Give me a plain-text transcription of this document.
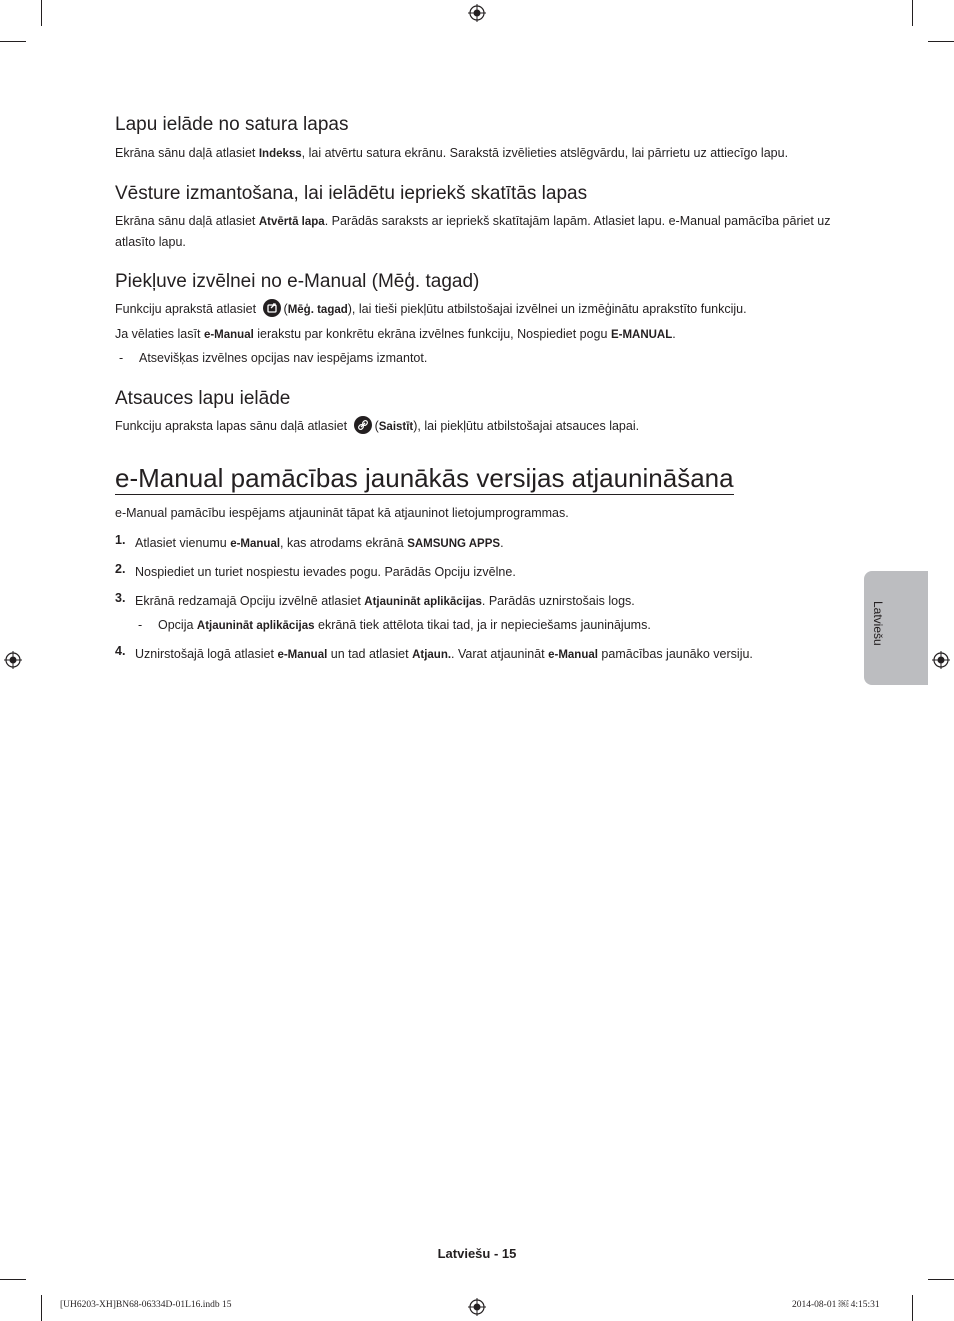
Lapu ielāde no satura lapas

Ekrāna sānu daļā atlasiet Indekss, lai atvērtu satura ekrānu. Sarakstā izvēlieties atslēgvārdu, lai pārrietu uz attiecīgo lapu.

Vēsture izmantošana, lai ielādētu iepriekš skatītās lapas

Ekrāna sānu daļā atlasiet Atvērtā lapa. Parādās saraksts ar iepriekš skatītajām lapām. Atlasiet lapu. e-Manual pamācība pāriet uz atlasīto lapu.

Piekļuve izvēlnei no e-Manual (Mēģ. tagad)

Funkciju aprakstā atlasiet (Mēģ. tagad), lai tieši piekļūtu atbilstošajai izvēlnei un izmēģinātu aprakstīto funkciju.

Ja vēlaties lasīt e-Manual ierakstu par konkrētu ekrāna izvēlnes funkciju, Nospiediet pogu E-MANUAL.

- Atsevišķas izvēlnes opcijas nav iespējams izmantot.

Atsauces lapu ielāde

Funkciju apraksta lapas sānu daļā atlasiet (Saistīt), lai piekļūtu atbilstošajai atsauces lapai.

e-Manual pamācības jaunākās versijas atjaunināšana

e-Manual pamācību iespējams atjaunināt tāpat kā atjauninot lietojumprogrammas.

1. Atlasiet vienumu e-Manual, kas atrodams ekrānā SAMSUNG APPS.

2. Nospiediet un turiet nospiestu ievades pogu. Parādās Opciju izvēlne.

3. Ekrānā redzamajā Opciju izvēlnē atlasiet Atjaunināt aplikācijas. Parādās uznirstošais logs.

- Opcija Atjaunināt aplikācijas ekrānā tiek attēlota tikai tad, ja ir nepieciešams jauninājums.

4. Uznirstošajā logā atlasiet e-Manual un tad atlasiet Atjaun.. Varat atjaunināt e-Manual pamācības jaunāko versiju.

Latviešu
Latviešu - 15
[UH6203-XH]BN68-06334D-01L16.indb 15	2014-08-01 ￼ 4:15:31
